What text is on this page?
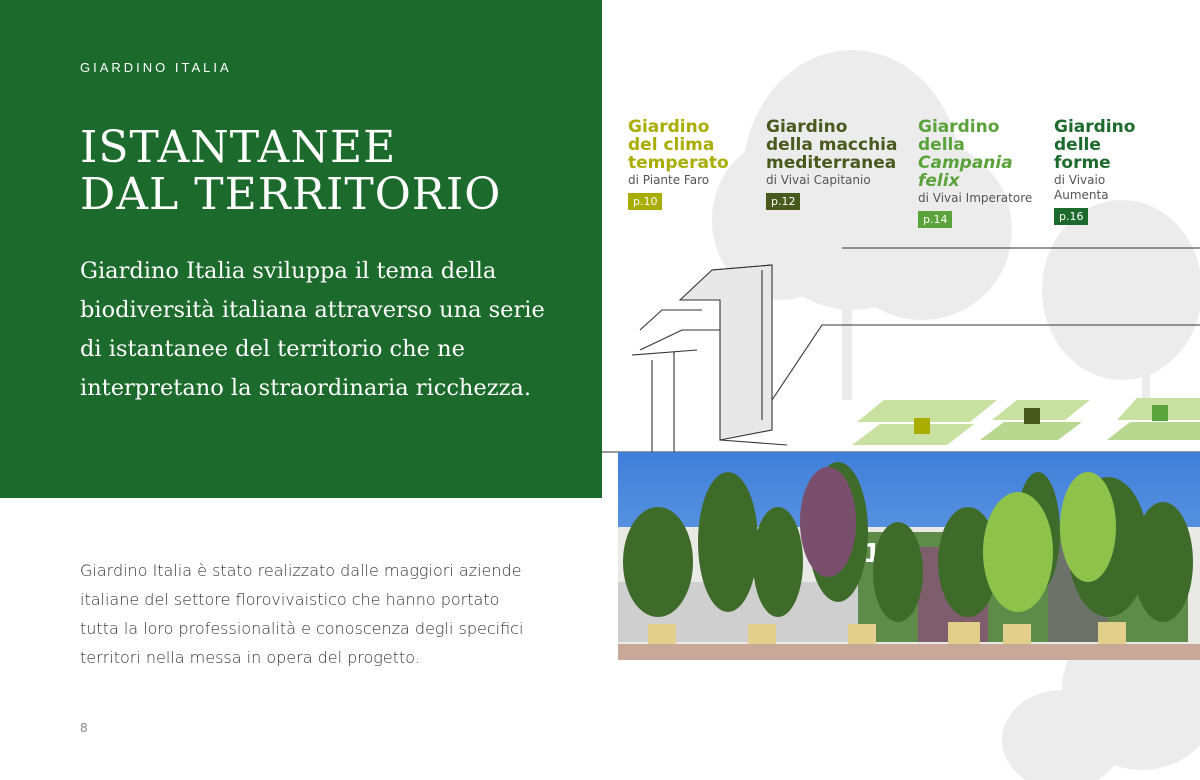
GIARDINO ITALIA
ISTANTANEE
DAL TERRITORIO

Giardino Italia sviluppa il tema della biodiversità italiana attraverso una serie di istantanee del territorio che ne interpretano la straordinaria ricchezza.

Giardino Italia è stato realizzato dalle maggiori aziende italiane del settore florovivaistico che hanno portato tutta la loro professionalità e conoscenza degli specifici territori nella messa in opera del progetto.

8
Giardino
del clima
temperato
di Piante Faro
p.10
Giardino
della macchia
mediterranea
di Vivai Capitanio
p.12
Giardino
della
Campania
felix
di Vivai Imperatore
p.14
Giardino
delle
forme
di Vivaio Aumenta
p.16
